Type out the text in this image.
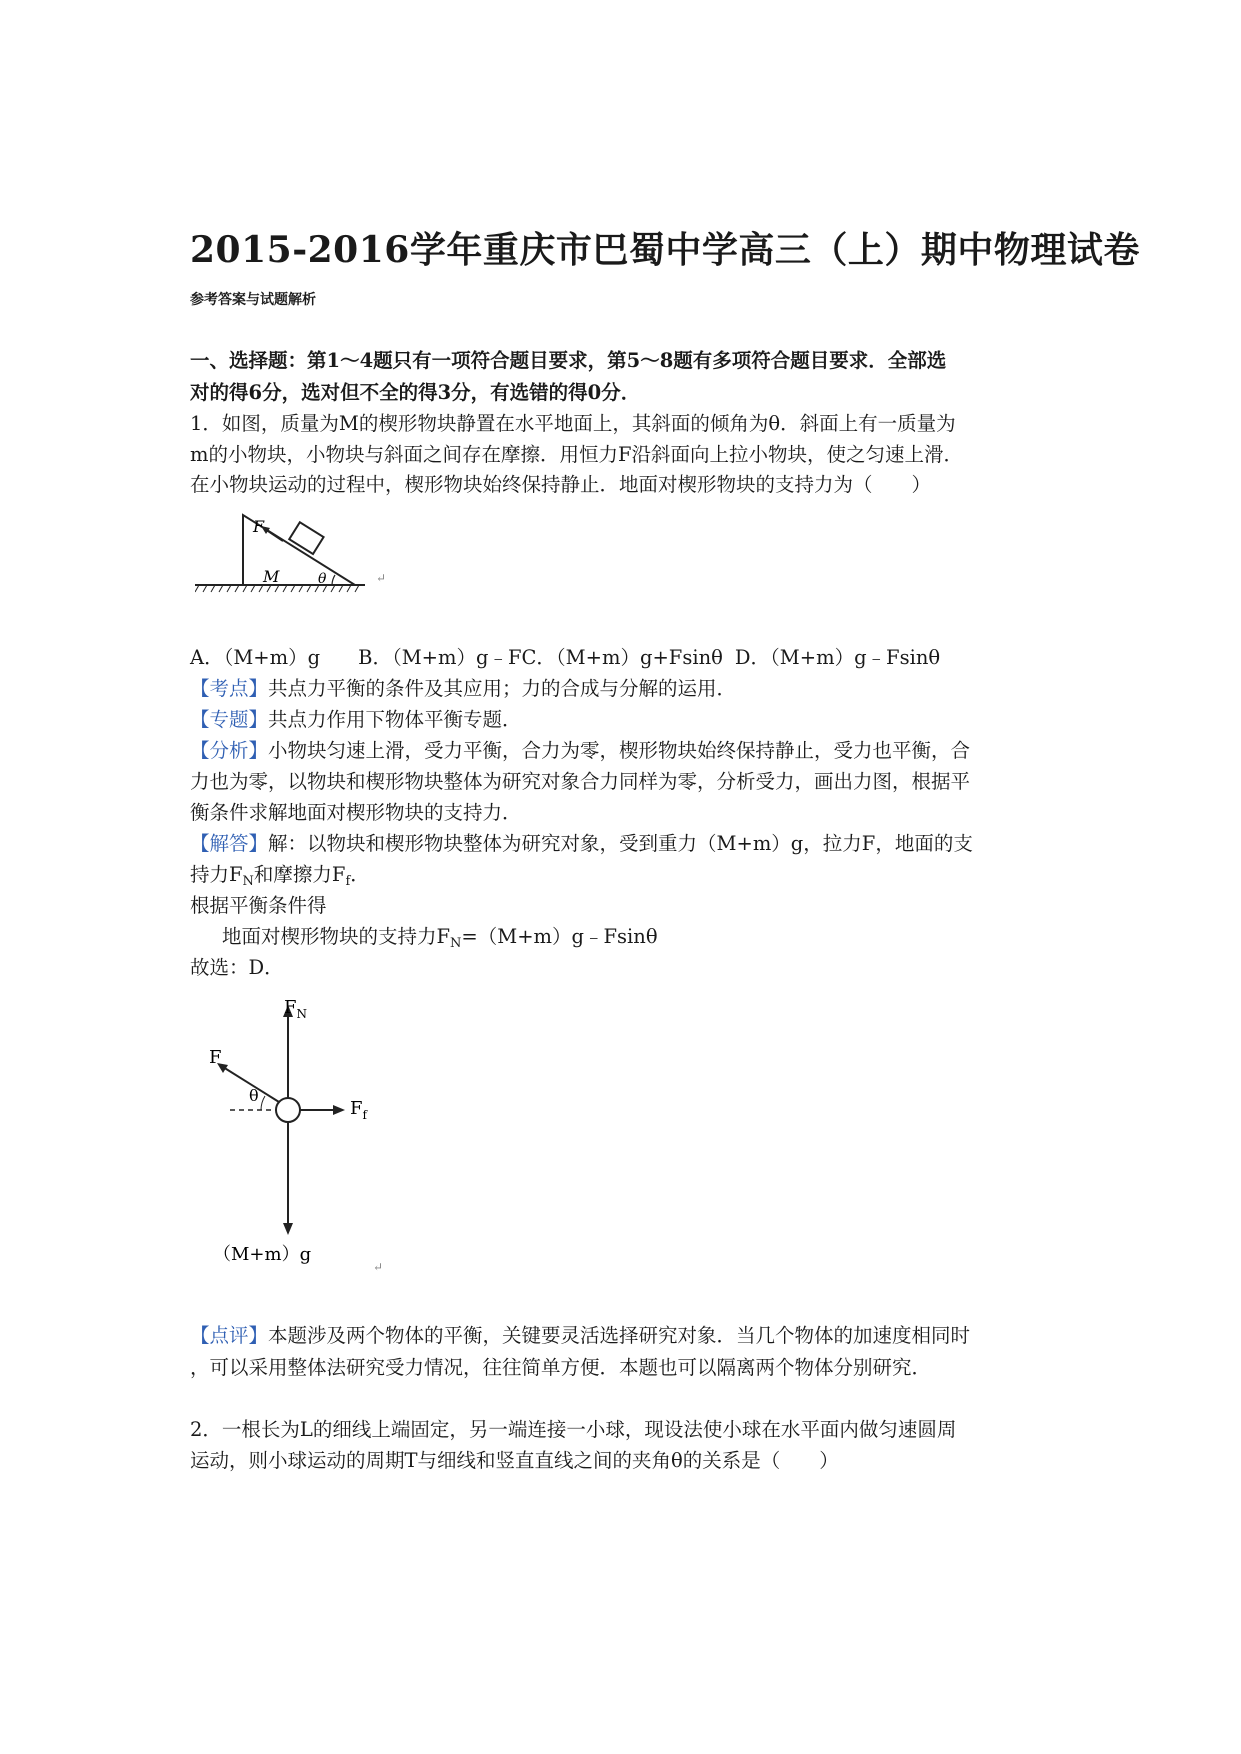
2015-2016学年重庆市巴蜀中学高三（上）期中物理试卷
参考答案与试题解析
一、选择题：第1～4题只有一项符合题目要求，第5～8题有多项符合题目要求．全部选
对的得6分，选对但不全的得3分，有选错的得0分．
1．如图，质量为M的楔形物块静置在水平地面上，其斜面的倾角为θ．斜面上有一质量为
m的小物块，小物块与斜面之间存在摩擦．用恒力F沿斜面向上拉小物块，使之匀速上滑．
在小物块运动的过程中，楔形物块始终保持静止．地面对楔形物块的支持力为（　　）
F
M	θ	↵
A．（M+m）g B．（M+m）g﹣FC．（M+m）g+Fsinθ D．（M+m）g﹣Fsinθ
【考点】共点力平衡的条件及其应用；力的合成与分解的运用．
【专题】共点力作用下物体平衡专题．
【分析】小物块匀速上滑，受力平衡，合力为零，楔形物块始终保持静止，受力也平衡，合
力也为零，以物块和楔形物块整体为研究对象合力同样为零，分析受力，画出力图，根据平
衡条件求解地面对楔形物块的支持力．
【解答】解：以物块和楔形物块整体为研究对象，受到重力（M+m）g，拉力F，地面的支
持力$F_N$和摩擦力$F_f$．
根据平衡条件得
地面对楔形物块的支持力$F_N=(M+m)g﹣Fsin\theta$
故选：D．
$F_N$
F
$F_f$
θ
（M+m）g
↵
【点评】本题涉及两个物体的平衡，关键要灵活选择研究对象．当几个物体的加速度相同时
，可以采用整体法研究受力情况，往往简单方便．本题也可以隔离两个物体分别研究．
2．一根长为L的细线上端固定，另一端连接一小球，现设法使小球在水平面内做匀速圆周
运动，则小球运动的周期T与细线和竖直直线之间的夹角θ的关系是（　　）
